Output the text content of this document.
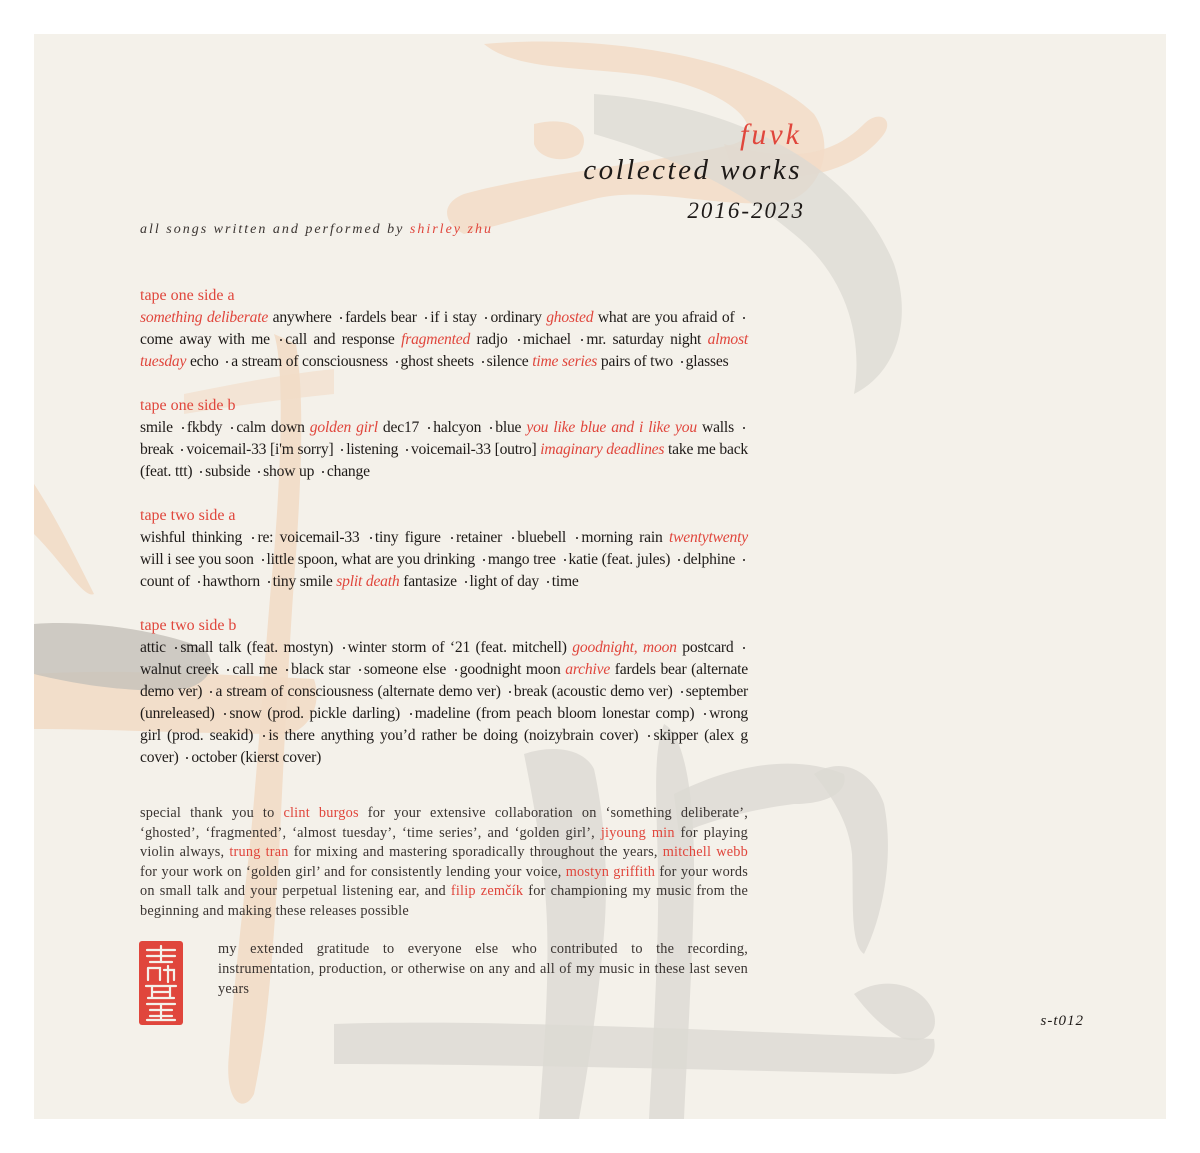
fuvk
collected works
2016-2023
all songs written and performed by shirley zhu
tape one side a
something deliberate anywhere fardels bear if i stay ordinary ghosted what are you afraid of come away with me call and response fragmented radjo michael mr. saturday night almost tuesday echo a stream of consciousness ghost sheets silence time series pairs of two glasses
tape one side b
smile fkbdy calm down golden girl dec17 halcyon blue you like blue and i like you walls break voicemail-33 [i'm sorry] listening voicemail-33 [outro] imaginary deadlines take me back (feat. ttt) subside show up change
tape two side a
wishful thinking re: voicemail-33 tiny figure retainer bluebell morning rain twentytwenty will i see you soon little spoon, what are you drinking mango tree katie (feat. jules) delphine count of hawthorn tiny smile split death fantasize light of day time
tape two side b
attic small talk (feat. mostyn) winter storm of ‘21 (feat. mitchell) goodnight, moon postcard walnut creek call me black star someone else goodnight moon archive fardels bear (alternate demo ver) a stream of consciousness (alternate demo ver) break (acoustic demo ver) september (unreleased) snow (prod. pickle darling) madeline (from peach bloom lonestar comp) wrong girl (prod. seakid) is there anything you’d rather be doing (noizybrain cover) skipper (alex g cover) october (kierst cover)
special thank you to clint burgos for your extensive collaboration on ‘something deliberate’, ‘ghosted’, ‘fragmented’, ‘almost tuesday’, ‘time series’, and ‘golden girl’, jiyoung min for playing violin always, trung tran for mixing and mastering sporadically throughout the years, mitchell webb for your work on ‘golden girl’ and for consistently lending your voice, mostyn griffith for your words on small talk and your perpetual listening ear, and filip zemčík for championing my music from the beginning and making these releases possible
my extended gratitude to everyone else who contributed to the recording, instrumentation, production, or otherwise on any and all of my music in these last seven years
s-t012
